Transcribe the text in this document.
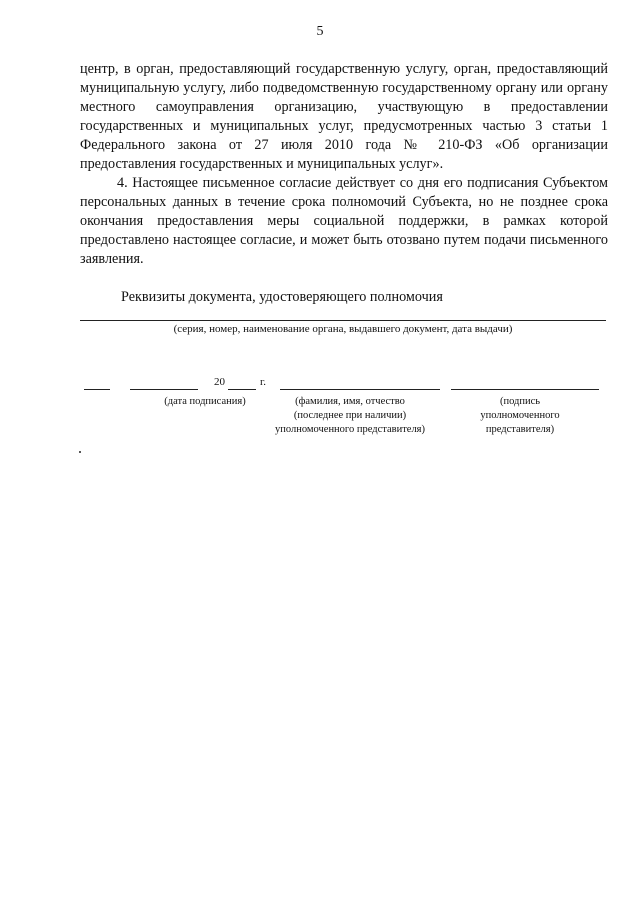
5

центр, в орган, предоставляющий государственную услугу, орган, предоставляющий муниципальную услугу, либо подведомственную государственному органу или органу местного самоуправления организацию, участвующую в предоставлении государственных и муниципальных услуг, предусмотренных частью 3 статьи 1 Федерального закона от 27 июля 2010 года № 210-ФЗ «Об организации предоставления государственных и муниципальных услуг».

4. Настоящее письменное согласие действует со дня его подписания Субъектом персональных данных в течение срока полномочий Субъекта, но не позднее срока окончания предоставления меры социальной поддержки, в рамках которой предоставлено настоящее согласие, и может быть отозвано путем подачи письменного заявления.

Реквизиты документа, удостоверяющего полномочия
(серия, номер, наименование органа, выдавшего документ, дата выдачи)
20	г.
(дата подписания)	(фамилия, имя, отчество
(последнее при наличии)
уполномоченного представителя)
(подпись
уполномоченного
представителя)
